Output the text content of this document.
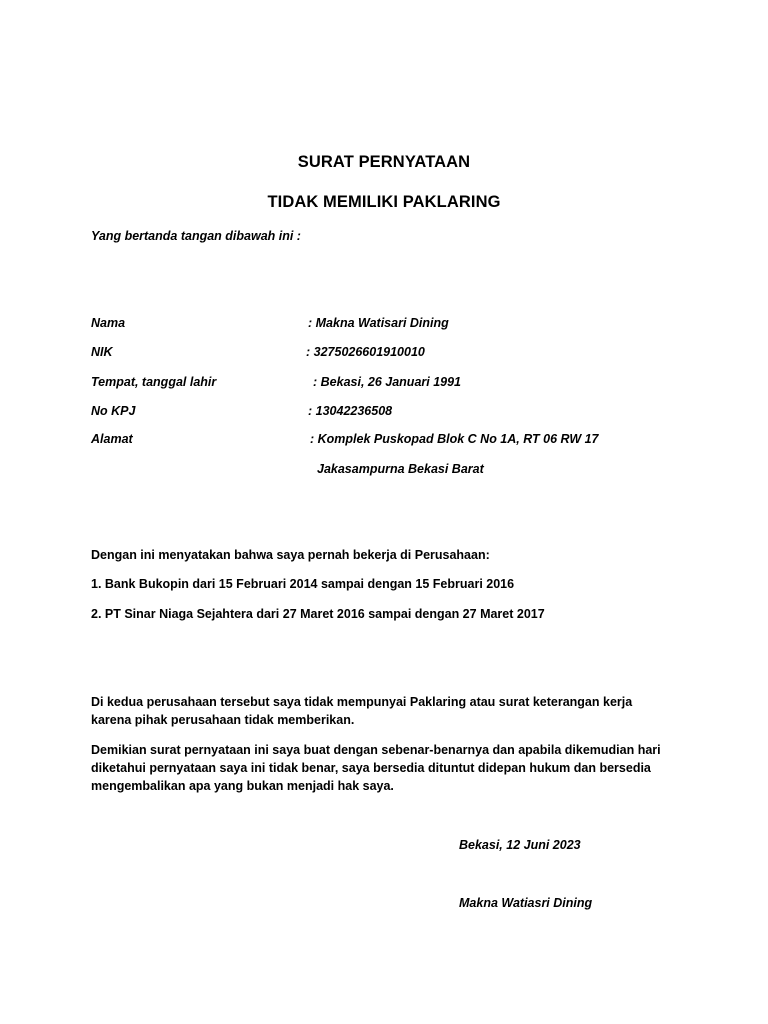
SURAT PERNYATAAN
TIDAK MEMILIKI PAKLARING

Yang bertanda tangan dibawah ini :

Nama	: Makna Watisari Dining

NIK	: 3275026601910010

Tempat, tanggal lahir	: Bekasi, 26 Januari 1991

No KPJ	: 13042236508

Alamat	: Komplek Puskopad Blok C No 1A, RT 06 RW 17

Jakasampurna Bekasi Barat

Dengan ini menyatakan bahwa saya pernah bekerja di Perusahaan:

1. Bank Bukopin dari 15 Februari 2014 sampai dengan 15 Februari 2016

2. PT Sinar Niaga Sejahtera dari 27 Maret 2016 sampai dengan 27 Maret 2017

Di kedua perusahaan tersebut saya tidak mempunyai Paklaring atau surat keterangan kerja karena pihak perusahaan tidak memberikan.

Demikian surat pernyataan ini saya buat dengan sebenar-benarnya dan apabila dikemudian hari diketahui pernyataan saya ini tidak benar, saya bersedia dituntut didepan hukum dan bersedia mengembalikan apa yang bukan menjadi hak saya.

Bekasi, 12 Juni 2023

Makna Watiasri Dining
